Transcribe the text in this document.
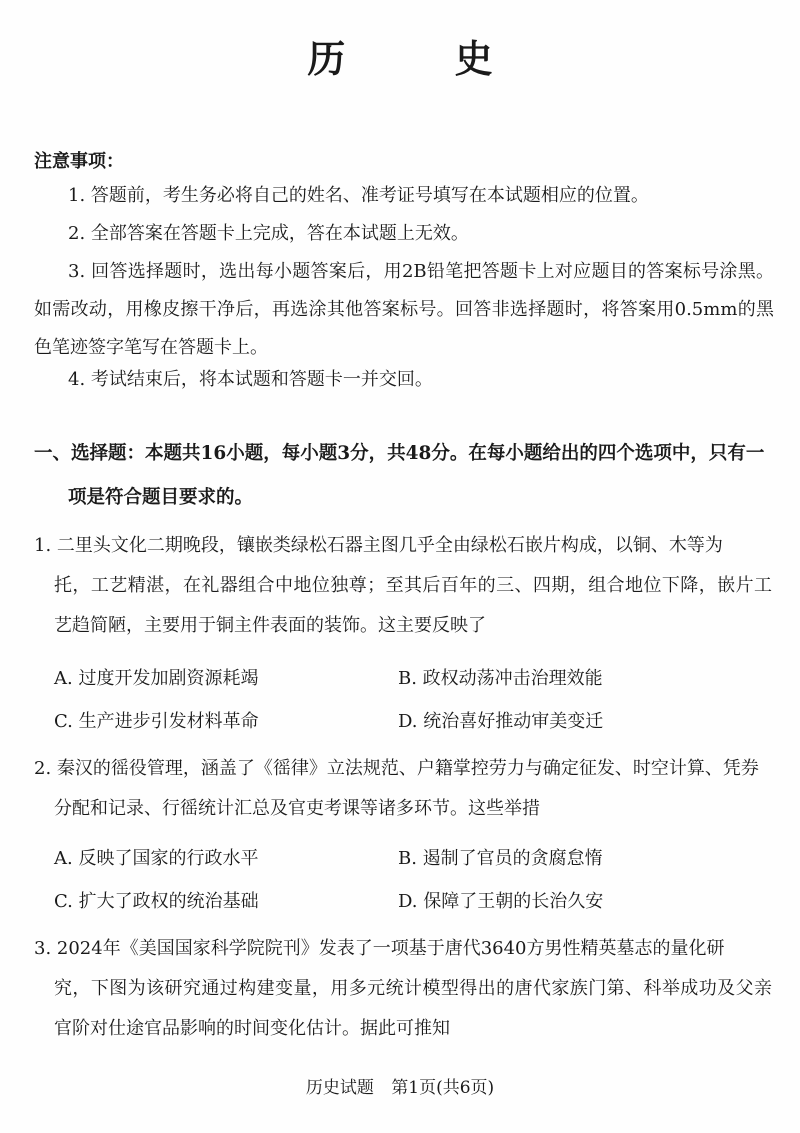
历 史
注意事项：

1. 答题前，考生务必将自己的姓名、准考证号填写在本试题相应的位置。

2. 全部答案在答题卡上完成，答在本试题上无效。

3. 回答选择题时，选出每小题答案后，用2B铅笔把答题卡上对应题目的答案标号涂黑。如需改动，用橡皮擦干净后，再选涂其他答案标号。回答非选择题时，将答案用0.5mm的黑色笔迹签字笔写在答题卡上。

4. 考试结束后，将本试题和答题卡一并交回。

一、选择题：本题共16小题，每小题3分，共48分。在每小题给出的四个选项中，只有一
项是符合题目要求的。
1. 二里头文化二期晚段，镶嵌类绿松石器主图几乎全由绿松石嵌片构成，以铜、木等为
托，工艺精湛，在礼器组合中地位独尊；至其后百年的三、四期，组合地位下降，嵌片工艺趋简陋，主要用于铜主件表面的装饰。这主要反映了
A. 过度开发加剧资源耗竭	B. 政权动荡冲击治理效能
C. 生产进步引发材料革命	D. 统治喜好推动审美变迁
2. 秦汉的徭役管理，涵盖了《徭律》立法规范、户籍掌控劳力与确定征发、时空计算、凭券
分配和记录、行徭统计汇总及官吏考课等诸多环节。这些举措
A. 反映了国家的行政水平	B. 遏制了官员的贪腐怠惰
C. 扩大了政权的统治基础	D. 保障了王朝的长治久安
3. 2024年《美国国家科学院院刊》发表了一项基于唐代3640方男性精英墓志的量化研
究，下图为该研究通过构建变量，用多元统计模型得出的唐代家族门第、科举成功及父亲官阶对仕途官品影响的时间变化估计。据此可推知
历史试题 第1页(共6页)
